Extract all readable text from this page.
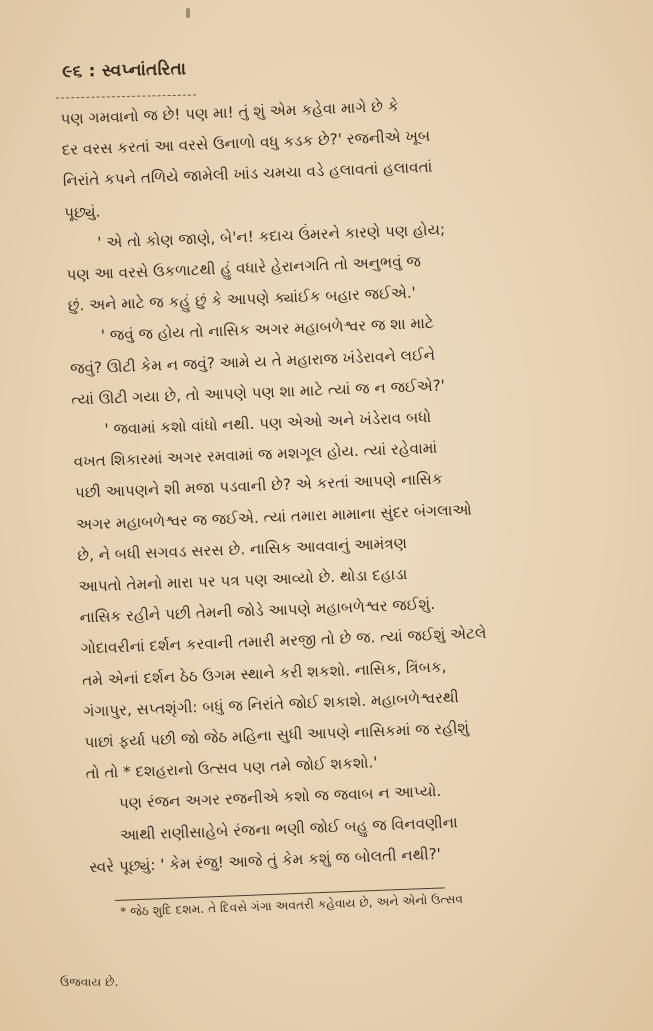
૯૬ : સ્વપ્નાંતરિતા
પણ ગમવાનો જ છે! પણ મા! તું શું એમ કહેવા માગે છે કે
દર વરસ કરતાં આ વરસે ઉનાળો વધુ કડક છે?' રજનીએ ખૂબ
નિરાંતે કપને તળિયે જામેલી ખાંડ ચમચા વડે હલાવતાં હલાવતાં
પૂછ્યું.
' એ તો કોણ જાણે, બે'ન! કદાચ ઉંમરને કારણે પણ હોય;
પણ આ વરસે ઉકળાટથી હું વધારે હેરાનગતિ તો અનુભવું જ
છું. અને માટે જ કહું છું કે આપણે ક્યાંઈક બહાર જઈએ.'
' જવું જ હોય તો નાસિક અગર મહાબળેશ્વર જ શા માટે
જવું? ઊટી કેમ ન જવું? આમે ય તે મહારાજ ખંડેરાવને લઈને
ત્યાં ઊટી ગયા છે, તો આપણે પણ શા માટે ત્યાં જ ન જઈએ?'
' જવામાં કશો વાંધો નથી. પણ એઓ અને ખંડેરાવ બધો
વખત શિકારમાં અગર રમવામાં જ મશગૂલ હોય. ત્યાં રહેવામાં
પછી આપણને શી મજા પડવાની છે? એ કરતાં આપણે નાસિક
અગર મહાબળેશ્વર જ જઈએ. ત્યાં તમારા મામાના સુંદર બંગલાઓ
છે, ને બધી સગવડ સરસ છે. નાસિક આવવાનું આમંત્રણ
આપતો તેમનો મારા પર પત્ર પણ આવ્યો છે. થોડા દહાડા
નાસિક રહીને પછી તેમની જોડે આપણે મહાબળેશ્વર જઈશું.
ગોદાવરીનાં દર્શન કરવાની તમારી મરજી તો છે જ. ત્યાં જઈશું એટલે
તમે એનાં દર્શન ઠેઠ ઉગમ સ્થાને કરી શકશો. નાસિક, ત્રિંબક,
ગંગાપુર, સપ્તશૃંગી: બધું જ નિરાંતે જોઈ શકાશે. મહાબળેશ્વરથી
પાછાં ફર્યા પછી જો જેઠ મહિના સુધી આપણે નાસિકમાં જ રહીશું
તો તો * દશહરાનો ઉત્સવ પણ તમે જોઈ શકશો.'
પણ રંજન અગર રજનીએ કશો જ જવાબ ન આપ્યો.
આથી રાણીસાહેબે રંજના ભણી જોઈ બહુ જ વિનવણીના
સ્વરે પૂછ્યું: ' કેમ રંજુ! આજે તું કેમ કશું જ બોલતી નથી?'
* જેઠ શુદિ દશમ. તે દિવસે ગંગા અવતરી કહેવાય છે, અને એનો ઉત્સવ
ઉજવાય છે.
